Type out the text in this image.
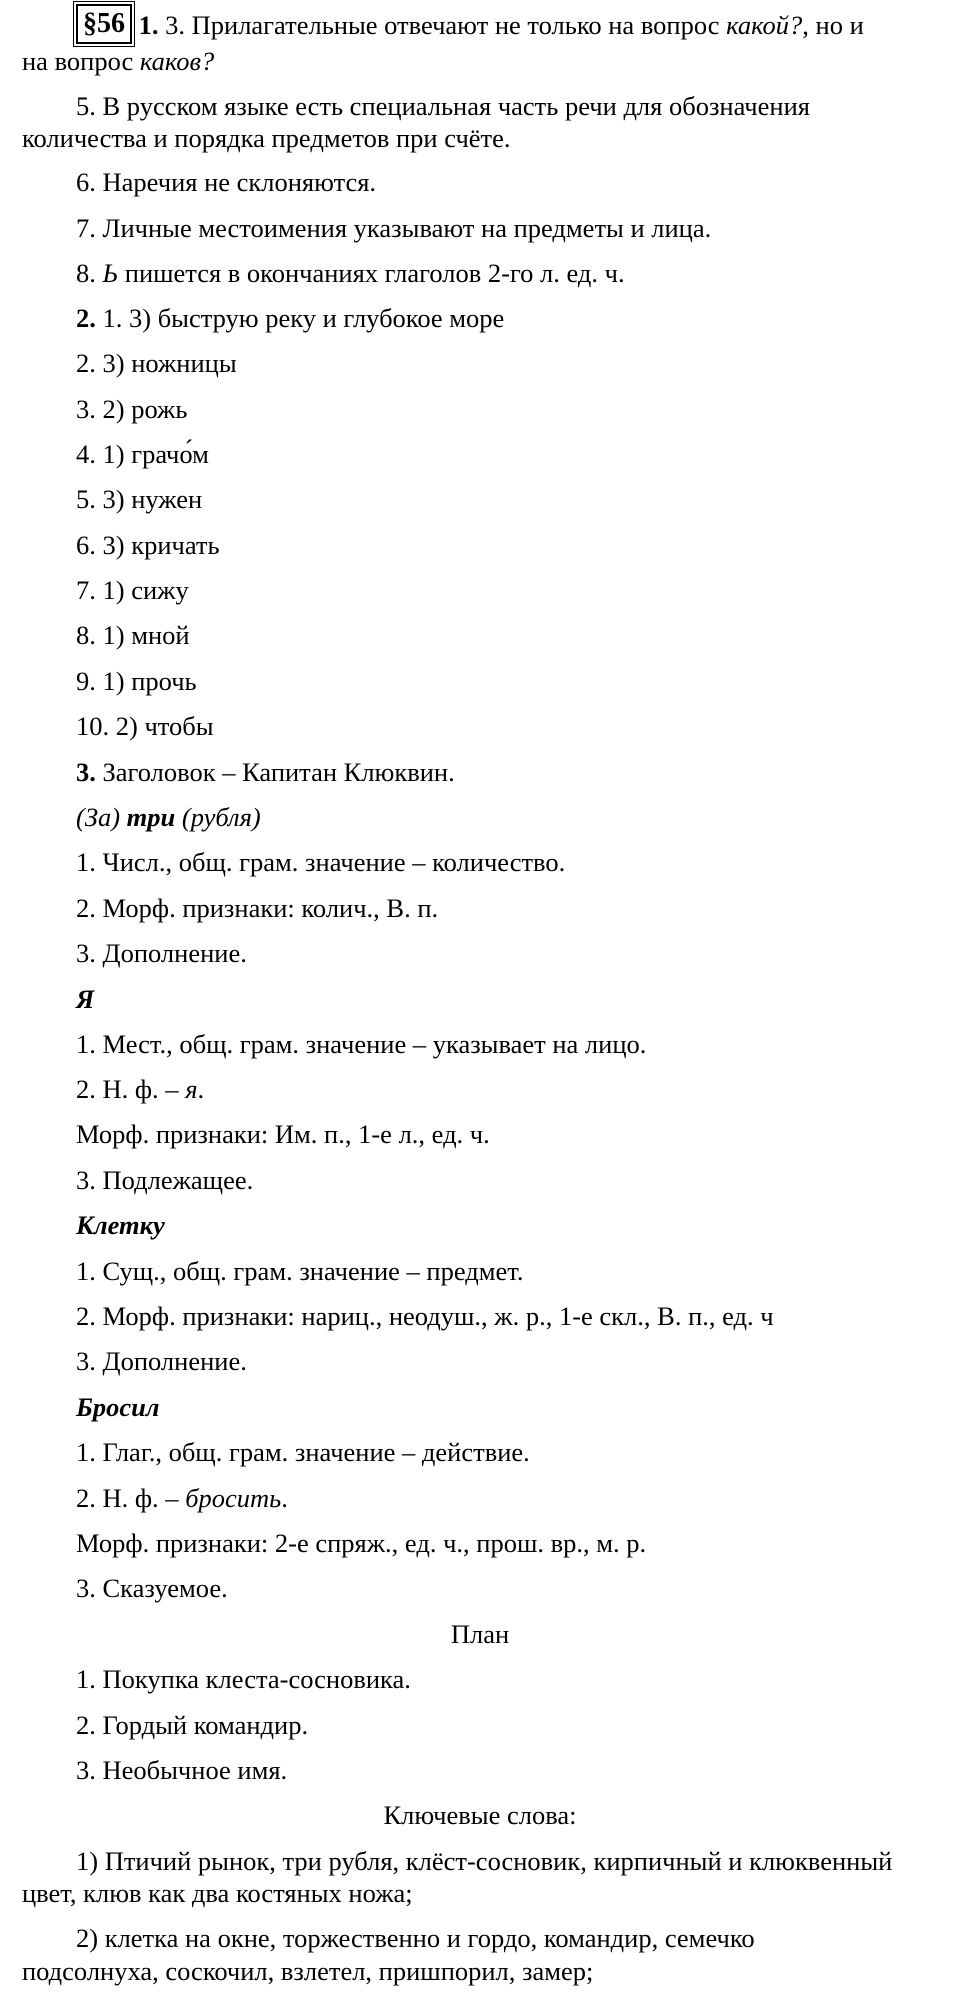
§56 1. 3. Прилагательные отвечают не только на вопрос какой?, но и
на вопрос каков?
5. В русском языке есть специальная часть речи для обозначения
количества и порядка предметов при счёте.
6. Наречия не склоняются.
7. Личные местоимения указывают на предметы и лица.
8. Ь пишется в окончаниях глаголов 2-го л. ед. ч.
2. 1. 3) быструю реку и глубокое море
2. 3) ножницы
3. 2) рожь
4. 1) грачо́м
5. 3) нужен
6. 3) кричать
7. 1) сижу
8. 1) мной
9. 1) прочь
10. 2) чтобы
3. Заголовок – Капитан Клюквин.
(За) три (рубля)
1. Числ., общ. грам. значение – количество.
2. Морф. признаки: колич., В. п.
3. Дополнение.
Я
1. Мест., общ. грам. значение – указывает на лицо.
2. Н. ф. – я.
Морф. признаки: Им. п., 1-е л., ед. ч.
3. Подлежащее.
Клетку
1. Сущ., общ. грам. значение – предмет.
2. Морф. признаки: нариц., неодуш., ж. р., 1-е скл., В. п., ед. ч
3. Дополнение.
Бросил
1. Глаг., общ. грам. значение – действие.
2. Н. ф. – бросить.
Морф. признаки: 2-е спряж., ед. ч., прош. вр., м. р.
3. Сказуемое.
План
1. Покупка клеста-сосновика.
2. Гордый командир.
3. Необычное имя.
Ключевые слова:
1) Птичий рынок, три рубля, клёст-сосновик, кирпичный и клюквенный
цвет, клюв как два костяных ножа;
2) клетка на окне, торжественно и гордо, командир, семечко
подсолнуха, соскочил, взлетел, пришпорил, замер;
